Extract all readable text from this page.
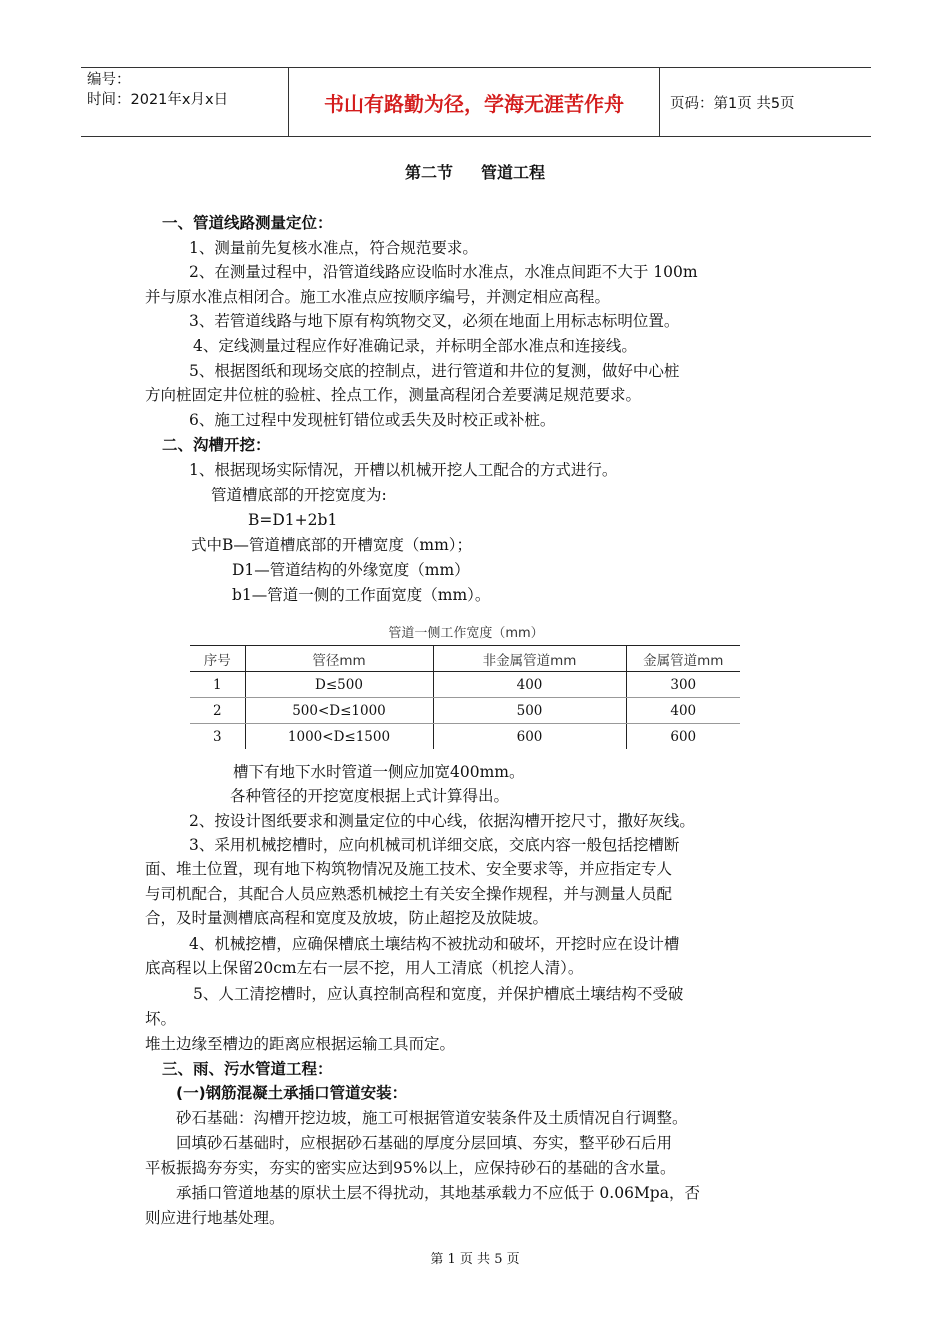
编号：
时间：2021年x月x日	书山有路勤为径，学海无涯苦作舟	页码：第1页 共5页
第二节 管道工程
一、管道线路测量定位：
1、测量前先复核水准点，符合规范要求。
2、在测量过程中，沿管道线路应设临时水准点，水准点间距不大于 100m
并与原水准点相闭合。施工水准点应按顺序编号，并测定相应高程。
3、若管道线路与地下原有构筑物交叉，必须在地面上用标志标明位置。
4、定线测量过程应作好准确记录，并标明全部水准点和连接线。
5、根据图纸和现场交底的控制点，进行管道和井位的复测，做好中心桩
方向桩固定井位桩的验桩、拴点工作，测量高程闭合差要满足规范要求。
6、施工过程中发现桩钉错位或丢失及时校正或补桩。
二、沟槽开挖：
1、根据现场实际情况，开槽以机械开挖人工配合的方式进行。
管道槽底部的开挖宽度为:
B=D1+2b1
式中B—管道槽底部的开槽宽度（mm）；
D1—管道结构的外缘宽度（mm）
b1—管道一侧的工作面宽度（mm）。
管道一侧工作宽度（mm）
序号	管径mm	非金属管道mm	金属管道mm
1	D≤500	400	300
2	500<D≤1000	500	400
3	1000<D≤1500	600	600
槽下有地下水时管道一侧应加宽400mm。
各种管径的开挖宽度根据上式计算得出。
2、按设计图纸要求和测量定位的中心线，依据沟槽开挖尺寸，撒好灰线。
3、采用机械挖槽时，应向机械司机详细交底，交底内容一般包括挖槽断
面、堆土位置，现有地下构筑物情况及施工技术、安全要求等，并应指定专人
与司机配合，其配合人员应熟悉机械挖土有关安全操作规程，并与测量人员配
合，及时量测槽底高程和宽度及放坡，防止超挖及放陡坡。
4、机械挖槽，应确保槽底土壤结构不被扰动和破坏，开挖时应在设计槽
底高程以上保留20cm左右一层不挖，用人工清底（机挖人清）。
5、人工清挖槽时，应认真控制高程和宽度，并保护槽底土壤结构不受破
坏。
堆土边缘至槽边的距离应根据运输工具而定。
三、雨、污水管道工程：
(一)钢筋混凝土承插口管道安装：
砂石基础：沟槽开挖边坡，施工可根据管道安装条件及土质情况自行调整。
回填砂石基础时，应根据砂石基础的厚度分层回填、夯实，整平砂石后用
平板振捣夯夯实，夯实的密实应达到95%以上，应保持砂石的基础的含水量。
承插口管道地基的原状土层不得扰动，其地基承载力不应低于 0.06Mpa，否
则应进行地基处理。
第 1 页 共 5 页
